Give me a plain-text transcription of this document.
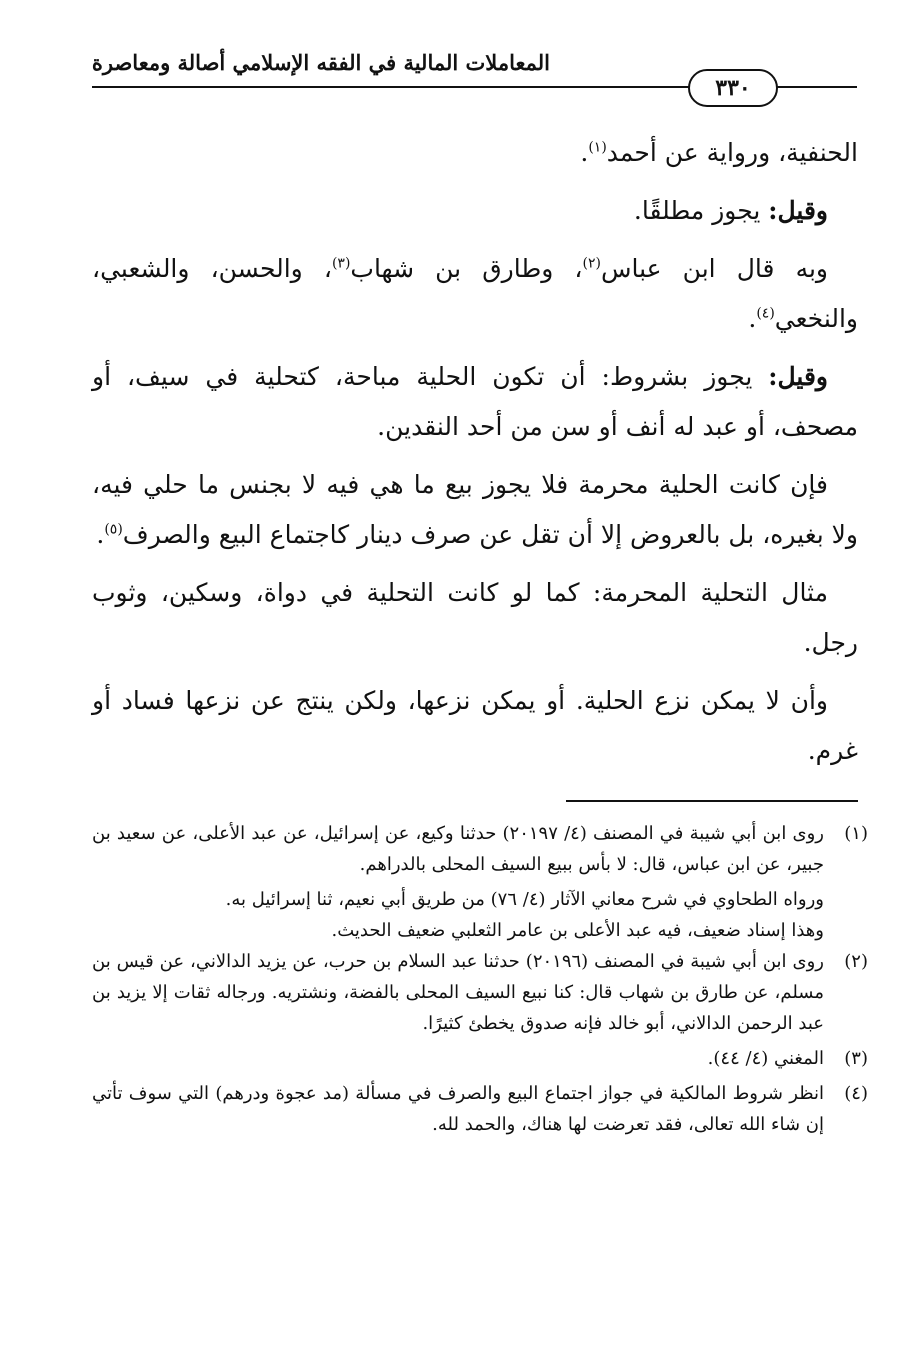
المعاملات المالية في الفقه الإسلامي أصالة ومعاصرة
٣٣٠

الحنفية، ورواية عن أحمد$^{(١)}$.

وقيل: يجوز مطلقًا.

وبه قال ابن عباس$^{(٢)}$، وطارق بن شهاب$^{(٣)}$، والحسن، والشعبي، والنخعي$^{(٤)}$.

وقيل: يجوز بشروط: أن تكون الحلية مباحة، كتحلية في سيف، أو مصحف، أو عبد له أنف أو سن من أحد النقدين.

فإن كانت الحلية محرمة فلا يجوز بيع ما هي فيه لا بجنس ما حلي فيه، ولا بغيره، بل بالعروض إلا أن تقل عن صرف دينار كاجتماع البيع والصرف$^{(٥)}$.

مثال التحلية المحرمة: كما لو كانت التحلية في دواة، وسكين، وثوب رجل.

وأن لا يمكن نزع الحلية. أو يمكن نزعها، ولكن ينتج عن نزعها فساد أو غرم.

(١)
روى ابن أبي شيبة في المصنف (٤/ ٢٠١٩٧) حدثنا وكيع، عن إسرائيل، عن عبد الأعلى، عن سعيد بن جبير، عن ابن عباس، قال: لا بأس ببيع السيف المحلى بالدراهم.
ورواه الطحاوي في شرح معاني الآثار (٤/ ٧٦) من طريق أبي نعيم، ثنا إسرائيل به.
وهذا إسناد ضعيف، فيه عبد الأعلى بن عامر الثعلبي ضعيف الحديث.
(٢)
روى ابن أبي شيبة في المصنف (٢٠١٩٦) حدثنا عبد السلام بن حرب، عن يزيد الدالاني، عن قيس بن مسلم، عن طارق بن شهاب قال: كنا نبيع السيف المحلى بالفضة، ونشتريه. ورجاله ثقات إلا يزيد بن عبد الرحمن الدالاني، أبو خالد فإنه صدوق يخطئ كثيرًا.
(٣)
المغني (٤/ ٤٤).
(٤)
انظر شروط المالكية في جواز اجتماع البيع والصرف في مسألة (مد عجوة ودرهم) التي سوف تأتي إن شاء الله تعالى، فقد تعرضت لها هناك، والحمد لله.
